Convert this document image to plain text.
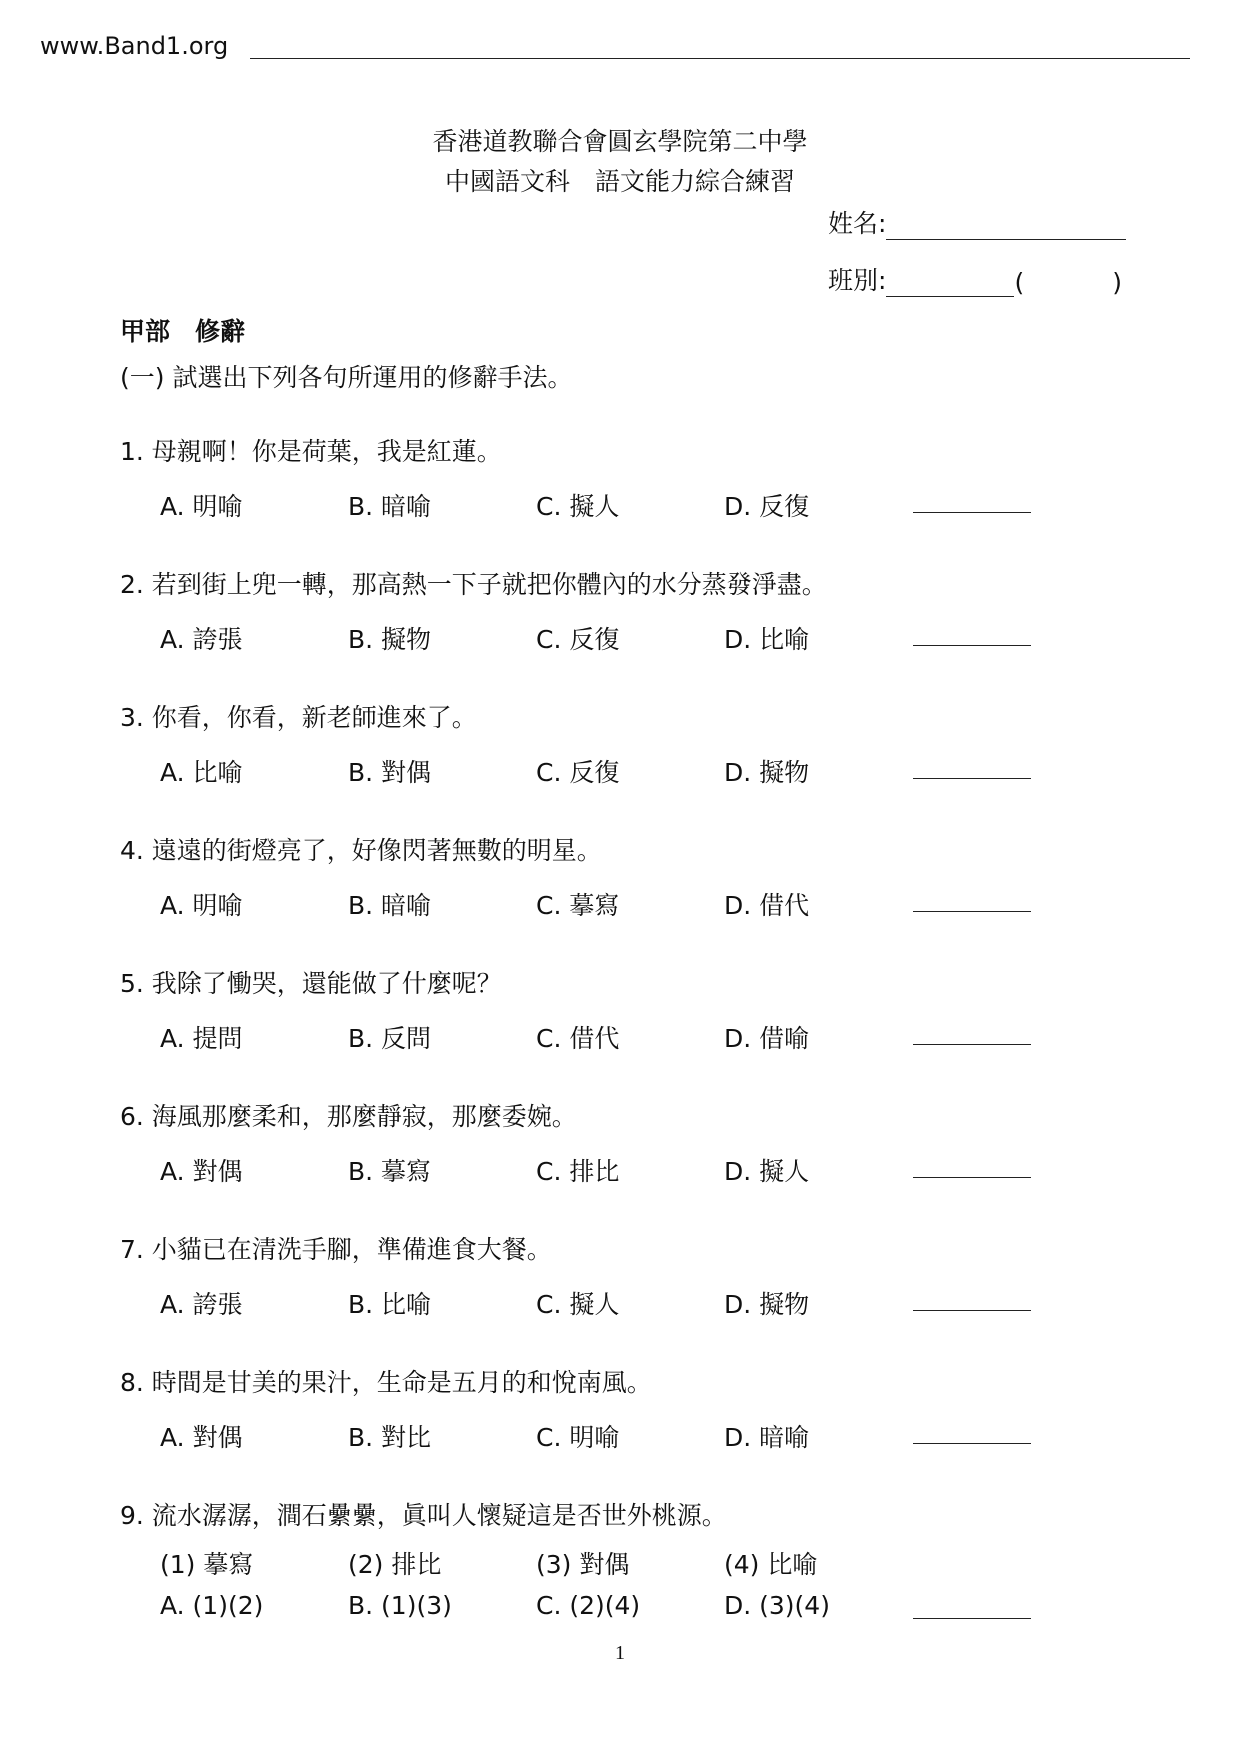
www.Band1.org
香港道教聯合會圓玄學院第二中學
中國語文科　語文能力綜合練習
姓名:
班別:	(	)
甲部　修辭
(一) 試選出下列各句所運用的修辭手法。
1. 母親啊！你是荷葉，我是紅蓮。
A. 明喻	B. 暗喻	C. 擬人	D. 反復
2. 若到街上兜一轉，那高熱一下子就把你體內的水分蒸發淨盡。
A. 誇張	B. 擬物	C. 反復	D. 比喻
3. 你看，你看，新老師進來了。
A. 比喻	B. 對偶	C. 反復	D. 擬物
4. 遠遠的街燈亮了，好像閃著無數的明星。
A. 明喻	B. 暗喻	C. 摹寫	D. 借代
5. 我除了慟哭，還能做了什麼呢？
A. 提問	B. 反問	C. 借代	D. 借喻
6. 海風那麼柔和，那麼靜寂，那麼委婉。
A. 對偶	B. 摹寫	C. 排比	D. 擬人
7. 小貓已在清洗手腳，準備進食大餐。
A. 誇張	B. 比喻	C. 擬人	D. 擬物
8. 時間是甘美的果汁，生命是五月的和悅南風。
A. 對偶	B. 對比	C. 明喻	D. 暗喻
9. 流水潺潺，澗石纍纍，眞叫人懷疑這是否世外桃源。
(1) 摹寫	(2) 排比	(3) 對偶	(4) 比喻
A. (1)(2)	B. (1)(3)	C. (2)(4)	D. (3)(4)
1
